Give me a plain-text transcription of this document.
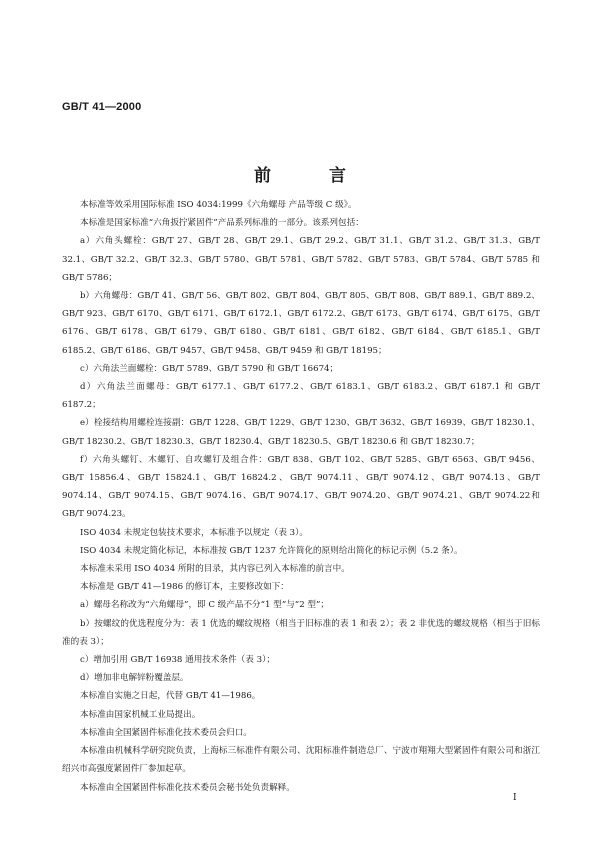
GB/T 41—2000
前 言

本标准等效采用国际标准 ISO 4034:1999《六角螺母 产品等级 C 级》。

本标准是国家标准“六角扳拧紧固件”产品系列标准的一部分。该系列包括：

a）六角头螺栓：GB/T 27、GB/T 28、GB/T 29.1、GB/T 29.2、GB/T 31.1、GB/T 31.2、GB/T 31.3、GB/T 32.1、GB/T 32.2、GB/T 32.3、GB/T 5780、GB/T 5781、GB/T 5782、GB/T 5783、GB/T 5784、GB/T 5785 和 GB/T 5786；

b）六角螺母：GB/T 41、GB/T 56、GB/T 802、GB/T 804、GB/T 805、GB/T 808、GB/T 889.1、GB/T 889.2、GB/T 923、GB/T 6170、GB/T 6171、GB/T 6172.1、GB/T 6172.2、GB/T 6173、GB/T 6174、GB/T 6175、GB/T 6176、GB/T 6178、GB/T 6179、GB/T 6180、GB/T 6181、GB/T 6182、GB/T 6184、GB/T 6185.1、GB/T 6185.2、GB/T 6186、GB/T 9457、GB/T 9458、GB/T 9459 和 GB/T 18195；

c）六角法兰面螺栓：GB/T 5789、GB/T 5790 和 GB/T 16674；

d）六角法兰面螺母：GB/T 6177.1、GB/T 6177.2、GB/T 6183.1、GB/T 6183.2、GB/T 6187.1 和 GB/T 6187.2；

e）栓接结构用螺栓连接副：GB/T 1228、GB/T 1229、GB/T 1230、GB/T 3632、GB/T 16939、GB/T 18230.1、GB/T 18230.2、GB/T 18230.3、GB/T 18230.4、GB/T 18230.5、GB/T 18230.6 和 GB/T 18230.7；

f）六角头螺钉、木螺钉、自攻螺钉及组合件：GB/T 838、GB/T 102、GB/T 5285、GB/T 6563、GB/T 9456、GB/T 15856.4、GB/T 15824.1、GB/T 16824.2、GB/T 9074.11、GB/T 9074.12、GB/T 9074.13、GB/T 9074.14、GB/T 9074.15、GB/T 9074.16、GB/T 9074.17、GB/T 9074.20、GB/T 9074.21、GB/T 9074.22和 GB/T 9074.23。

ISO 4034 未规定包装技术要求，本标准予以规定（表 3）。

ISO 4034 未规定简化标记，本标准按 GB/T 1237 允许简化的原则给出简化的标记示例（5.2 条）。

本标准未采用 ISO 4034 所附的目录，其内容已列入本标准的前言中。

本标准是 GB/T 41—1986 的修订本，主要修改如下：

a）螺母名称改为“六角螺母”，即 C 级产品不分“1 型”与“2 型”；

b）按螺纹的优选程度分为：表 1 优选的螺纹规格（相当于旧标准的表 1 和表 2）；表 2 非优选的螺纹规格（相当于旧标准的表 3）；

c）增加引用 GB/T 16938 通用技术条件（表 3）；

d）增加非电解锌粉覆盖层。

本标准自实施之日起，代替 GB/T 41—1986。

本标准由国家机械工业局提出。

本标准由全国紧固件标准化技术委员会归口。

本标准由机械科学研究院负责，上海标三标准件有限公司、沈阳标准件制造总厂、宁波市翔翔大型紧固件有限公司和浙江绍兴市高强度紧固件厂参加起草。

本标准由全国紧固件标准化技术委员会秘书处负责解释。

I
